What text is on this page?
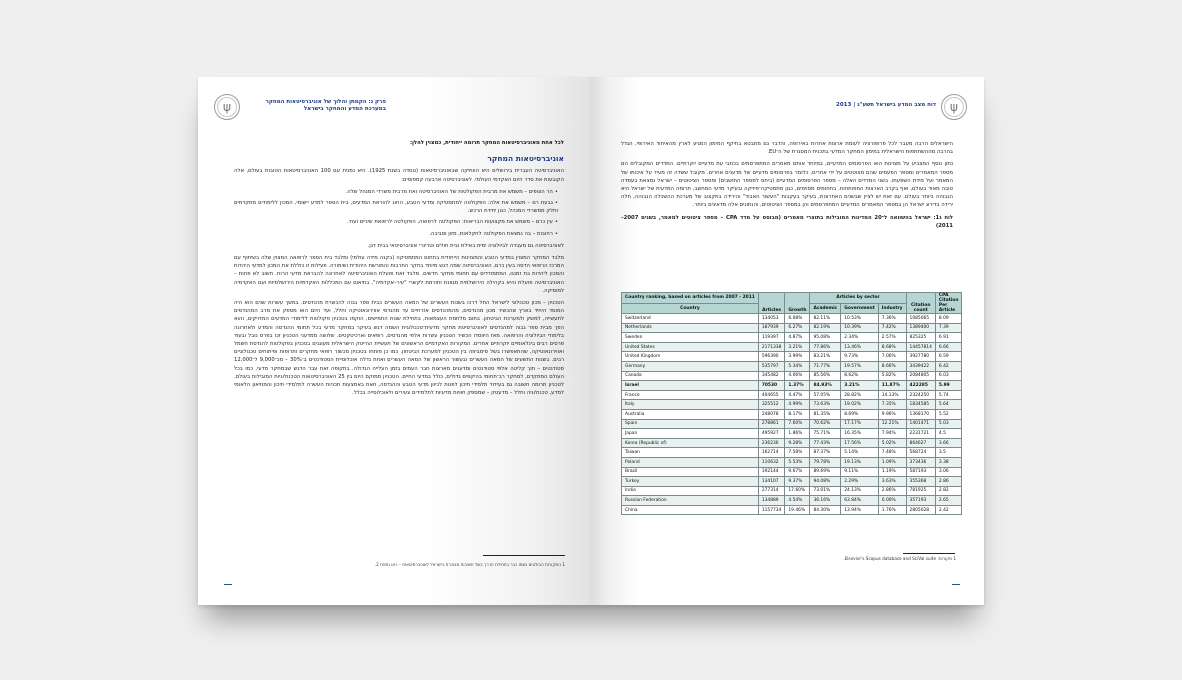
ψ	פרק ג: הקמתן והלוך של אוניברסיטאות המחקר
במערכת המדע והמחקר בישראל

לכל אחת מאוניברסיטאות המחקר תרומה ייחודית, כמצוין להלן:

אוניברסיטאות המחקר

האוניברסיטה העברית בירושלים היא הוותיקה שבאוניברסיטאות (נוסדה בשנת 1925). היא נמנית עם 100 האוניברסיטאות הטובות בעולם, אלה הקובעות את סדר היום האקדמי העולמי. לאוניברסיטה ארבעה קמפוסים:

• הר הצופים – משמש את מרבית הפקולטות של האוניברסיטה ואת מרבית משרדי המנהל שלה.
• גבעת רם – משמש את אלה: הפקולטה למתמטיקה ומדעי הטבע, החוג להוראת המדעים, בית הספר למדע יישומי, המכון ללימודים מתקדמים וחלק ממשרדי המנהל, כגון יחידת הרכש.
• עין כרם – משמש את מקצועות הבריאות: הפקולטה לרפואה, הפקולטה לרפואת שיניים ועוד.
• רחובות – בה נמצאת הפקולטה לחקלאות, מזון וסביבה.

לאוניברסיטה גם מעבדה לביולוגיה ימית באילת ובית חולים וטרינרי אוניברסיטאי בבית דגן.

מלבד המחקר המצוין במדעי הטבע והמצוינות הייחודית בתחום המתמטיקה (בקנה מידה עולמי) ומלבד בית הספר לרפואה המצוין שלה בשיתוף עם המרכז הרפואי הדסה בעין כרם, האוניברסיטה שמה דגש מיוחד בחקר התרבות והמורשת היהודית ושימורה. פעילות זו כוללת את המכון למדעי היהדות והמכון ליהדות בת זמננו, המתמודדים עם תחומי מחקר חדשים. מלבד זאת פועלת האוניברסיטה לאחרונה להבראת מדעי הרוח. חשוב לא פחות – האוניברסיטה פועלת והיא בקהילה הירושלמית מגוונת ותורמת לקשרי "עיר–אקדמיה", בתיאום עם המכללות האקדמיות הירושלמיות ועם האקדמיה למוסיקה.

הטכניון – מכון טכנולוגי לישראל החל דרכו בשנות העשרים של המאה העשרים כבית ספר גבוה להכשרת מהנדסים. במשך עשרות שנים הוא היה המוסד היחיד בארץ שהכשיר מכון מהנדסים, מהמהנדסים אזרחיים עד מהנדסי אווירונאוטיקה וחלל, ועד היום הוא מספק את מרב המהנדסים לתעשייה, למשק ולמערכת הביטחון. בתום מלחמת העצמאות, בתחילת שנות החמישים, הוקמו בטכניון פקולטות ללימודי המדעים המדויקים, והוא הפך מבית ספר גבוה למהנדסים לאוניברסיטת מחקר מדעית־טכנולוגית השמה דגש בעיקר במחקר מדעי בכל תחומי ההנדסה והמדע ולאחרונה בלימודי הביולוגיה והרפואה. מאז היווסדו הכשיר הטכניון עשרות אלפי מהנדסים, רופאים וארכיטקטים. שלושה ממדעני הטכניון זכו בפרס נובל ובעוד פרסים רבים בינלאומיים יוקרתיים אחרים. המקורות האקדמיים הראשונים של תעשיית ההייטק הישראלית מעוגנים בטכניון בפקולטות להנדסת חשמל ואווירונאוטיקה, שהתאפשרו בשל סימביוזה בין הטכניון למערכת הביטחון. כמו כן פותחו בטכניון מכשור רפואי מחקרים ותרופות ופיתוחים טכנולוגיים רבים. בשנות התשעים של המאה העשרים ובעשור הראשון של המאה העשרים ואחת גדלה אוכלוסיית הסטודנטים ב־30% – מכ־9,000 ל־12,000 סטודנטים – תוך קליטה אלפי סטודנטים ומדענים מארצות חבר העמים בזמן העלייה הגדולה. בתקופה זאת עבר הדגש שבמחקר מדעי, כמו בכל העולם המתקדם, למחקר רב־תחומי בהיקפים גדולים, כולל במדעי החיים. הטכניון ממוקם היום בין 25 האוניברסיטאות הטכנולוגיות המובילות בעולם. לטכניון תרומה חשובה גם בעידוד תלמידי תיכון לפנות לכיוון מדעי הטבע וההנדסה, וזאת באמצעות תכניות העשרה לתלמידי תיכון והמוזיאון הלאומי למדע, טכנולוגיה וחלל – מדעטק – שמספק חוויות מדעיות לתלמידים צעירים ולאוכלוסייה בכלל.

1 המקורות הבולטים נשמו כבר בתחילת הדרך בשל חשיבות מבוכרת בישראל לאוניברסיטאות – ראו נספח 2.
ψ
דוח מצב המדע בישראל תשע"ג | 2013

הישראלים הרבה מעבר לכל פרופורציה לעומת ארצות אחרות באירופה, והדבר גם מתבטא בחיקף המימון המגיע לארץ מהאיחוד האירופי, הגדל בהרבה מההשתתפות הישראלית במימון המחקר המדעי בתכנית המסגרת של ה־EU.

נתון נוסף המצביע על מצוינות הוא הפרסומים המדעיים, במיוחד אותם מאמרים המתפרסמים בכתבי עת מדעיים יוקרתיים. המדדים המקובלים הם מספר המאמרים ומספר הפעמים שהם מצוטטים על ידי אחרים, כלומר בפרסומים מדעיים של מדענים אחרים. מקובל ששדה זה מעיד על איכותו של המאמר ועל מידת השפעתו. בשני המדדים האלה – מספר הפרסומים המדעיים (ביחס למספר התושבים) ומספר הציטוטים – ישראל נמצאת בעמדה טובה מאוד בעולם, ואף בקרב הארצות המפותחות. בתחומים מסוימים, כגון מתמטיקה־פיזיקה ובעיקר מדעי המחשב, תרומה המדעית של ישראל היא הגבוהה ביותר בעולם. עם זאת יש לציין שבשנים האחרונות, בעיקר בעקבות "העשור האבוד" והירידה בתקצוב של מערכת ההשכלה הגבוהה, חלה ירידה בדירוג ישראל הן במספר המאמרים המדעיים המתפרסמים והן במספר הציטוטים, והנתונים אלה מדאיגים ביותר.

לוח ג1: ישראל בהשוואה ל־20 המדינות המובילות בתוצרי מאמרים (מבוסס על מדד CPA – מספר ציטוטים למאמר, בשנים 2007–2011)

Country ranking, based on articles from 2007 - 2011	Articles	Growth	Articles by sector			Citation count	CPA Citation Per Article
Country			Academic	Government	Industry		
Switzerland	134053	6.08%	82.11%	10.53%	7.36%	1085065	8.09
Netherlands	187939	6.27%	82.19%	10.39%	7.42%	1389400	7.39
Sweden	119397	4.87%	95.08%	2.34%	2.57%	825325	6.91
United States	2171338	3.21%	77.86%	13.46%	8.68%	14457814	6.66
United Kingdom	596390	3.99%	83.21%	9.73%	7.06%	3927780	6.59
Germany	535797	5.34%	71.77%	19.57%	8.66%	3439422	6.42
Canada	345482	4.06%	85.56%	8.62%	5.82%	2084805	6.03
Israel	70530	1.37%	84.93%	3.21%	11.87%	422285	5.99
France	404655	4.47%	57.05%	28.82%	14.13%	2324250	5.74
Italy	325512	4.99%	73.63%	19.02%	7.35%	1834585	5.64
Australia	248078	8.17%	81.35%	8.69%	9.96%	1368170	5.52
Spain	278861	7.60%	70.62%	17.17%	12.21%	1401471	5.03
Japan	495927	1.86%	75.71%	16.35%	7.94%	2231721	4.5
Korea (Republic of)	236236	9.28%	77.43%	17.56%	5.02%	864627	3.66
Taiwan	162714	7.58%	87.37%	5.14%	7.48%	568724	3.5
Poland	110632	5.53%	79.78%	19.13%	1.09%	373436	3.38
Brazil	192144	9.67%	89.69%	9.11%	1.19%	587193	3.06
Turkey	134107	9.37%	94.08%	2.29%	3.63%	355368	2.86
India	277314	17.60%	73.01%	24.13%	2.86%	781925	2.82
Russian Federation	134889	4.54%	36.16%	63.84%	0.00%	357193	2.65
China	1157734	19.46%	84.30%	13.94%	1.76%	2805028	2.42
1 מקורות: Elsevier's Scopus database and SciVal suite.
